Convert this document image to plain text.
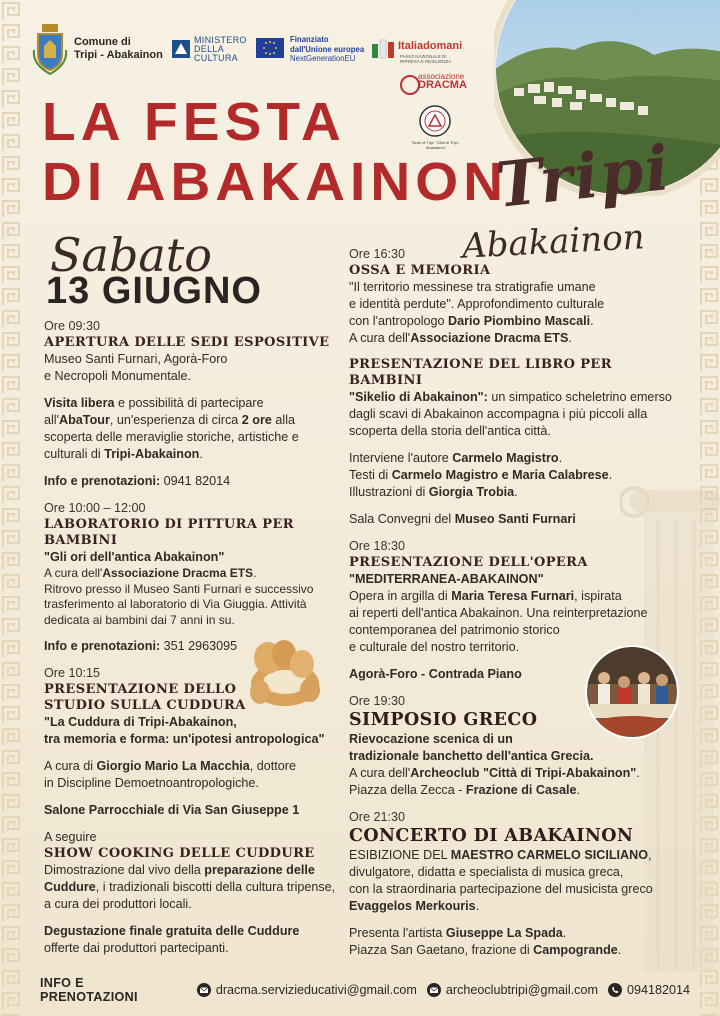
Comune di
Tripi - Abakainon
MINISTERO
DELLA
CULTURA
Finanziato
dall'Unione europea
NextGenerationEU
Italiadomani
PIANO NAZIONALE DI RIPRESA E RESILIENZA
associazione
DRACMA
Sede di Tripi "Città di Tripi - Abakainon"
LA FESTA
DI ABAKAINON
Tripi
Abakainon
Sabato
13 GIUGNO
Ore 09:30
APERTURA DELLE SEDI ESPOSITIVE
Museo Santi Furnari, Agorà-Foro
e Necropoli Monumentale.
Visita libera e possibilità di partecipare
all'AbaTour, un'esperienza di circa 2 ore alla
scoperta delle meraviglie storiche, artistiche e
culturali di Tripi-Abakainon.
Info e prenotazioni: 0941 82014
Ore 10:00 – 12:00
LABORATORIO DI PITTURA PER BAMBINI
"Gli ori dell'antica Abakainon"
A cura dell'Associazione Dracma ETS.
Ritrovo presso il Museo Santi Furnari e successivo
trasferimento al laboratorio di Via Giuggia. Attività
dedicata ai bambini dai 7 anni in su.
Info e prenotazioni: 351 2963095
Ore 10:15
PRESENTAZIONE DELLO
STUDIO SULLA CUDDURA
"La Cuddura di Tripi-Abakainon,
tra memoria e forma: un'ipotesi antropologica"
A cura di Giorgio Mario La Macchia, dottore
in Discipline Demoetnoantropologiche.
Salone Parrocchiale di Via San Giuseppe 1
A seguire
SHOW COOKING DELLE CUDDURE
Dimostrazione dal vivo della preparazione delle
Cuddure, i tradizionali biscotti della cultura tripense,
a cura dei produttori locali.
Degustazione finale gratuita delle Cuddure
offerte dai produttori partecipanti.
Ore 16:30
OSSA E MEMORIA
"Il territorio messinese tra stratigrafie umane
e identità perdute". Approfondimento culturale
con l'antropologo Dario Piombino Mascali.
A cura dell'Associazione Dracma ETS.
PRESENTAZIONE DEL LIBRO PER BAMBINI
"Sikelio di Abakainon": un simpatico scheletrino emerso
dagli scavi di Abakainon accompagna i più piccoli alla
scoperta della storia dell'antica città.
Interviene l'autore Carmelo Magistro.
Testi di Carmelo Magistro e Maria Calabrese.
Illustrazioni di Giorgia Trobia.
Sala Convegni del Museo Santi Furnari
Ore 18:30
PRESENTAZIONE DELL'OPERA
"MEDITERRANEA-ABAKAINON"
Opera in argilla di Maria Teresa Furnari, ispirata
ai reperti dell'antica Abakainon. Una reinterpretazione
contemporanea del patrimonio storico
e culturale del nostro territorio.
Agorà-Foro - Contrada Piano
Ore 19:30
SIMPOSIO GRECO
Rievocazione scenica di un
tradizionale banchetto dell'antica Grecia.
A cura dell'Archeoclub "Città di Tripi-Abakainon".
Piazza della Zecca - Frazione di Casale.
Ore 21:30
CONCERTO DI ABAKAINON
ESIBIZIONE DEL MAESTRO CARMELO SICILIANO,
divulgatore, didatta e specialista di musica greca,
con la straordinaria partecipazione del musicista greco
Evaggelos Merkouris.
Presenta l'artista Giuseppe La Spada.
Piazza San Gaetano, frazione di Campogrande.
INFO E PRENOTAZIONI	dracma.servizieducativi@gmail.com archeoclubtripi@gmail.com 094182014
